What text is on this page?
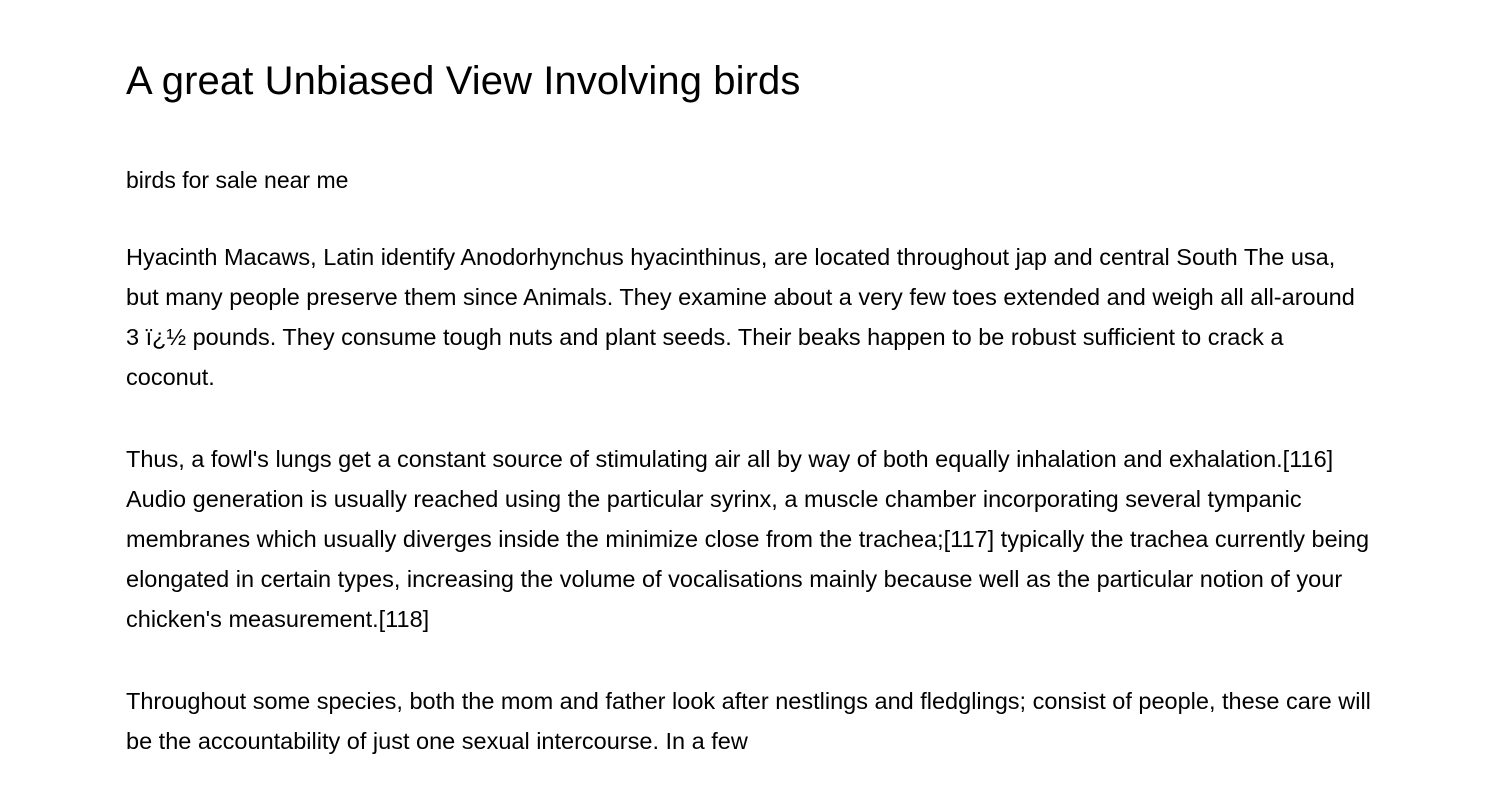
A great Unbiased View Involving birds

birds for sale near me

Hyacinth Macaws, Latin identify Anodorhynchus hyacinthinus, are located throughout jap and central South The usa, but many people preserve them since Animals. They examine about a very few toes extended and weigh all all-around 3 ï¿½ pounds. They consume tough nuts and plant seeds. Their beaks happen to be robust sufficient to crack a coconut.

Thus, a fowl's lungs get a constant source of stimulating air all by way of both equally inhalation and exhalation.[116] Audio generation is usually reached using the particular syrinx, a muscle chamber incorporating several tympanic membranes which usually diverges inside the minimize close from the trachea;[117] typically the trachea currently being elongated in certain types, increasing the volume of vocalisations mainly because well as the particular notion of your chicken's measurement.[118]

Throughout some species, both the mom and father look after nestlings and fledglings; consist of people, these care will be the accountability of just one sexual intercourse. In a few
